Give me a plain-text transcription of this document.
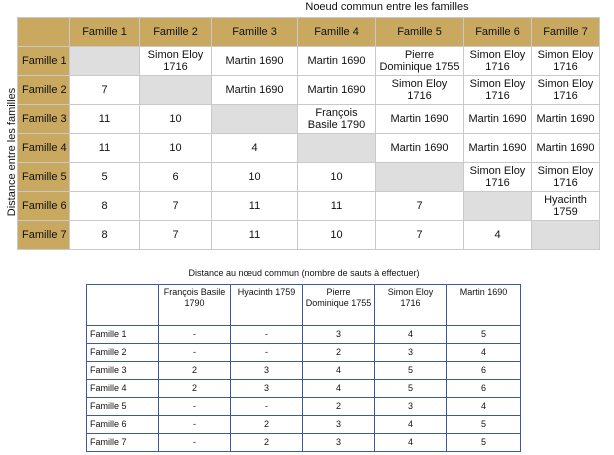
Noeud commun entre les familles
Distance entre les familles
	Famille 1	Famille 2	Famille 3	Famille 4	Famille 5	Famille 6	Famille 7
Famille 1		Simon Eloy 1716	Martin 1690	Martin 1690	Pierre Dominique 1755	Simon Eloy 1716	Simon Eloy 1716
Famille 2	7		Martin 1690	Martin 1690	Simon Eloy 1716	Simon Eloy 1716	Simon Eloy 1716
Famille 3	11	10		François Basile 1790	Martin 1690	Martin 1690	Martin 1690
Famille 4	11	10	4		Martin 1690	Martin 1690	Martin 1690
Famille 5	5	6	10	10		Simon Eloy 1716	Simon Eloy 1716
Famille 6	8	7	11	11	7		Hyacinth 1759
Famille 7	8	7	11	10	7	4	
Distance au nœud commun (nombre de sauts à effectuer)
	François Basile 1790	Hyacinth 1759	Pierre Dominique 1755	Simon Eloy 1716	Martin 1690
Famille 1	-	-	3	4	5
Famille 2	-	-	2	3	4
Famille 3	2	3	4	5	6
Famille 4	2	3	4	5	6
Famille 5	-	-	2	3	4
Famille 6	-	2	3	4	5
Famille 7	-	2	3	4	5
